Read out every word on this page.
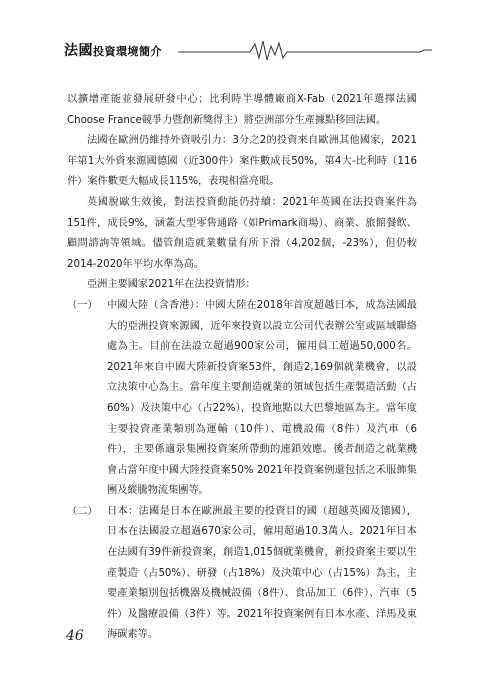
法國投資環境簡介

以擴增產能並發展研發中心；比利時半導體廠商X-Fab（2021年選擇法國Choose France競爭力暨創新獎得主）將亞洲部分生產據點移回法國。

法國在歐洲仍維持外資吸引力：3分之2的投資來自歐洲其他國家，2021年第1大外資來源國德國（近300件）案件數成長50%，第4大-比利時（116件）案件數更大幅成長115%，表現相當亮眼。

英國脫歐生效後，對法投資動能仍持續：2021年英國在法投資案件為151件，成長9%，涵蓋大型零售通路（如Primark商場）、商業、旅館餐飲、顧問諮詢等領域。儘管創造就業數量有所下滑（4,202個，-23%），但仍較2014-2020年平均水準為高。

亞洲主要國家2021年在法投資情形：

（一） 中國大陸（含香港）：中國大陸在2018年首度超越日本，成為法國最大的亞洲投資來源國，近年來投資以設立公司代表辦公室或區域聯絡處為主。目前在法設立超過900家公司，僱用員工超過50,000名。2021年來自中國大陸新投資案53件，創造2,169個就業機會，以設立決策中心為主。當年度主要創造就業的領域包括生產製造活動（占60%）及決策中心（占22%），投資地點以大巴黎地區為主。當年度主要投資產業類別為運輸（10件）、電機設備（8件）及汽車（6件），主要係適景集團投資案所帶動的連鎖效應。後者創造之就業機會占當年度中國大陸投資案50% 2021年投資案例還包括之禾服飾集團及縱騰物流集團等。
（二） 日本：法國是日本在歐洲最主要的投資目的國（超越英國及德國），日本在法國設立超過670家公司，僱用超過10.3萬人。2021年日本在法國有39件新投資案，創造1,015個就業機會，新投資案主要以生產製造（占50%）、研發（占18%）及決策中心（占15%）為主，主要產業類別包括機器及機械設備（8件）、食品加工（6件）、汽車（5件）及醫療設備（3件）等。2021年投資案例有日本水產、洋馬及東海碳素等。
46
